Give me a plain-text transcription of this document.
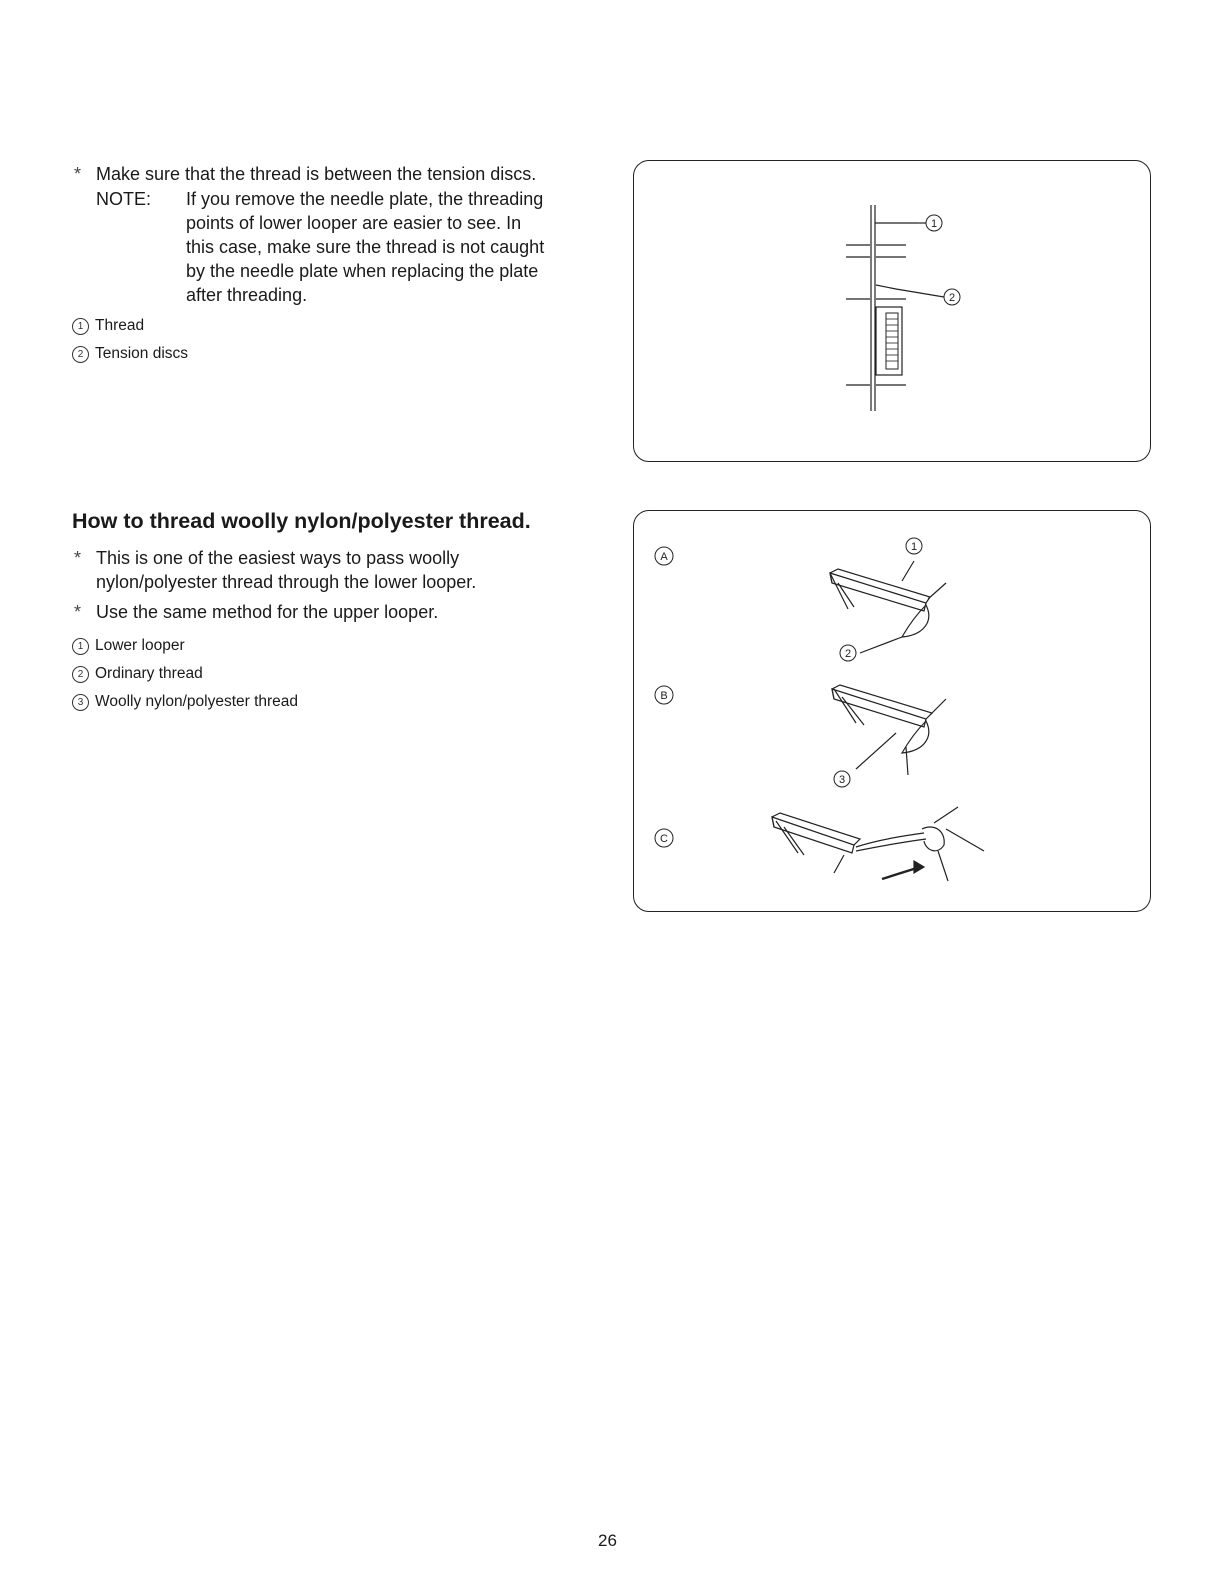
* Make sure that the thread is between the tension discs.
NOTE: If you remove the needle plate, the threading
points of lower looper are easier to see. In
this case, make sure the thread is not caught
by the needle plate when replacing the plate
after threading.
1 Thread
2 Tension discs
1
2
How to thread woolly nylon/polyester thread.
* This is one of the easiest ways to pass woolly
nylon/polyester thread through the lower looper.
* Use the same method for the upper looper.
1 Lower looper
2 Ordinary thread
3 Woolly nylon/polyester thread
A
B
C
1
2
3
26
